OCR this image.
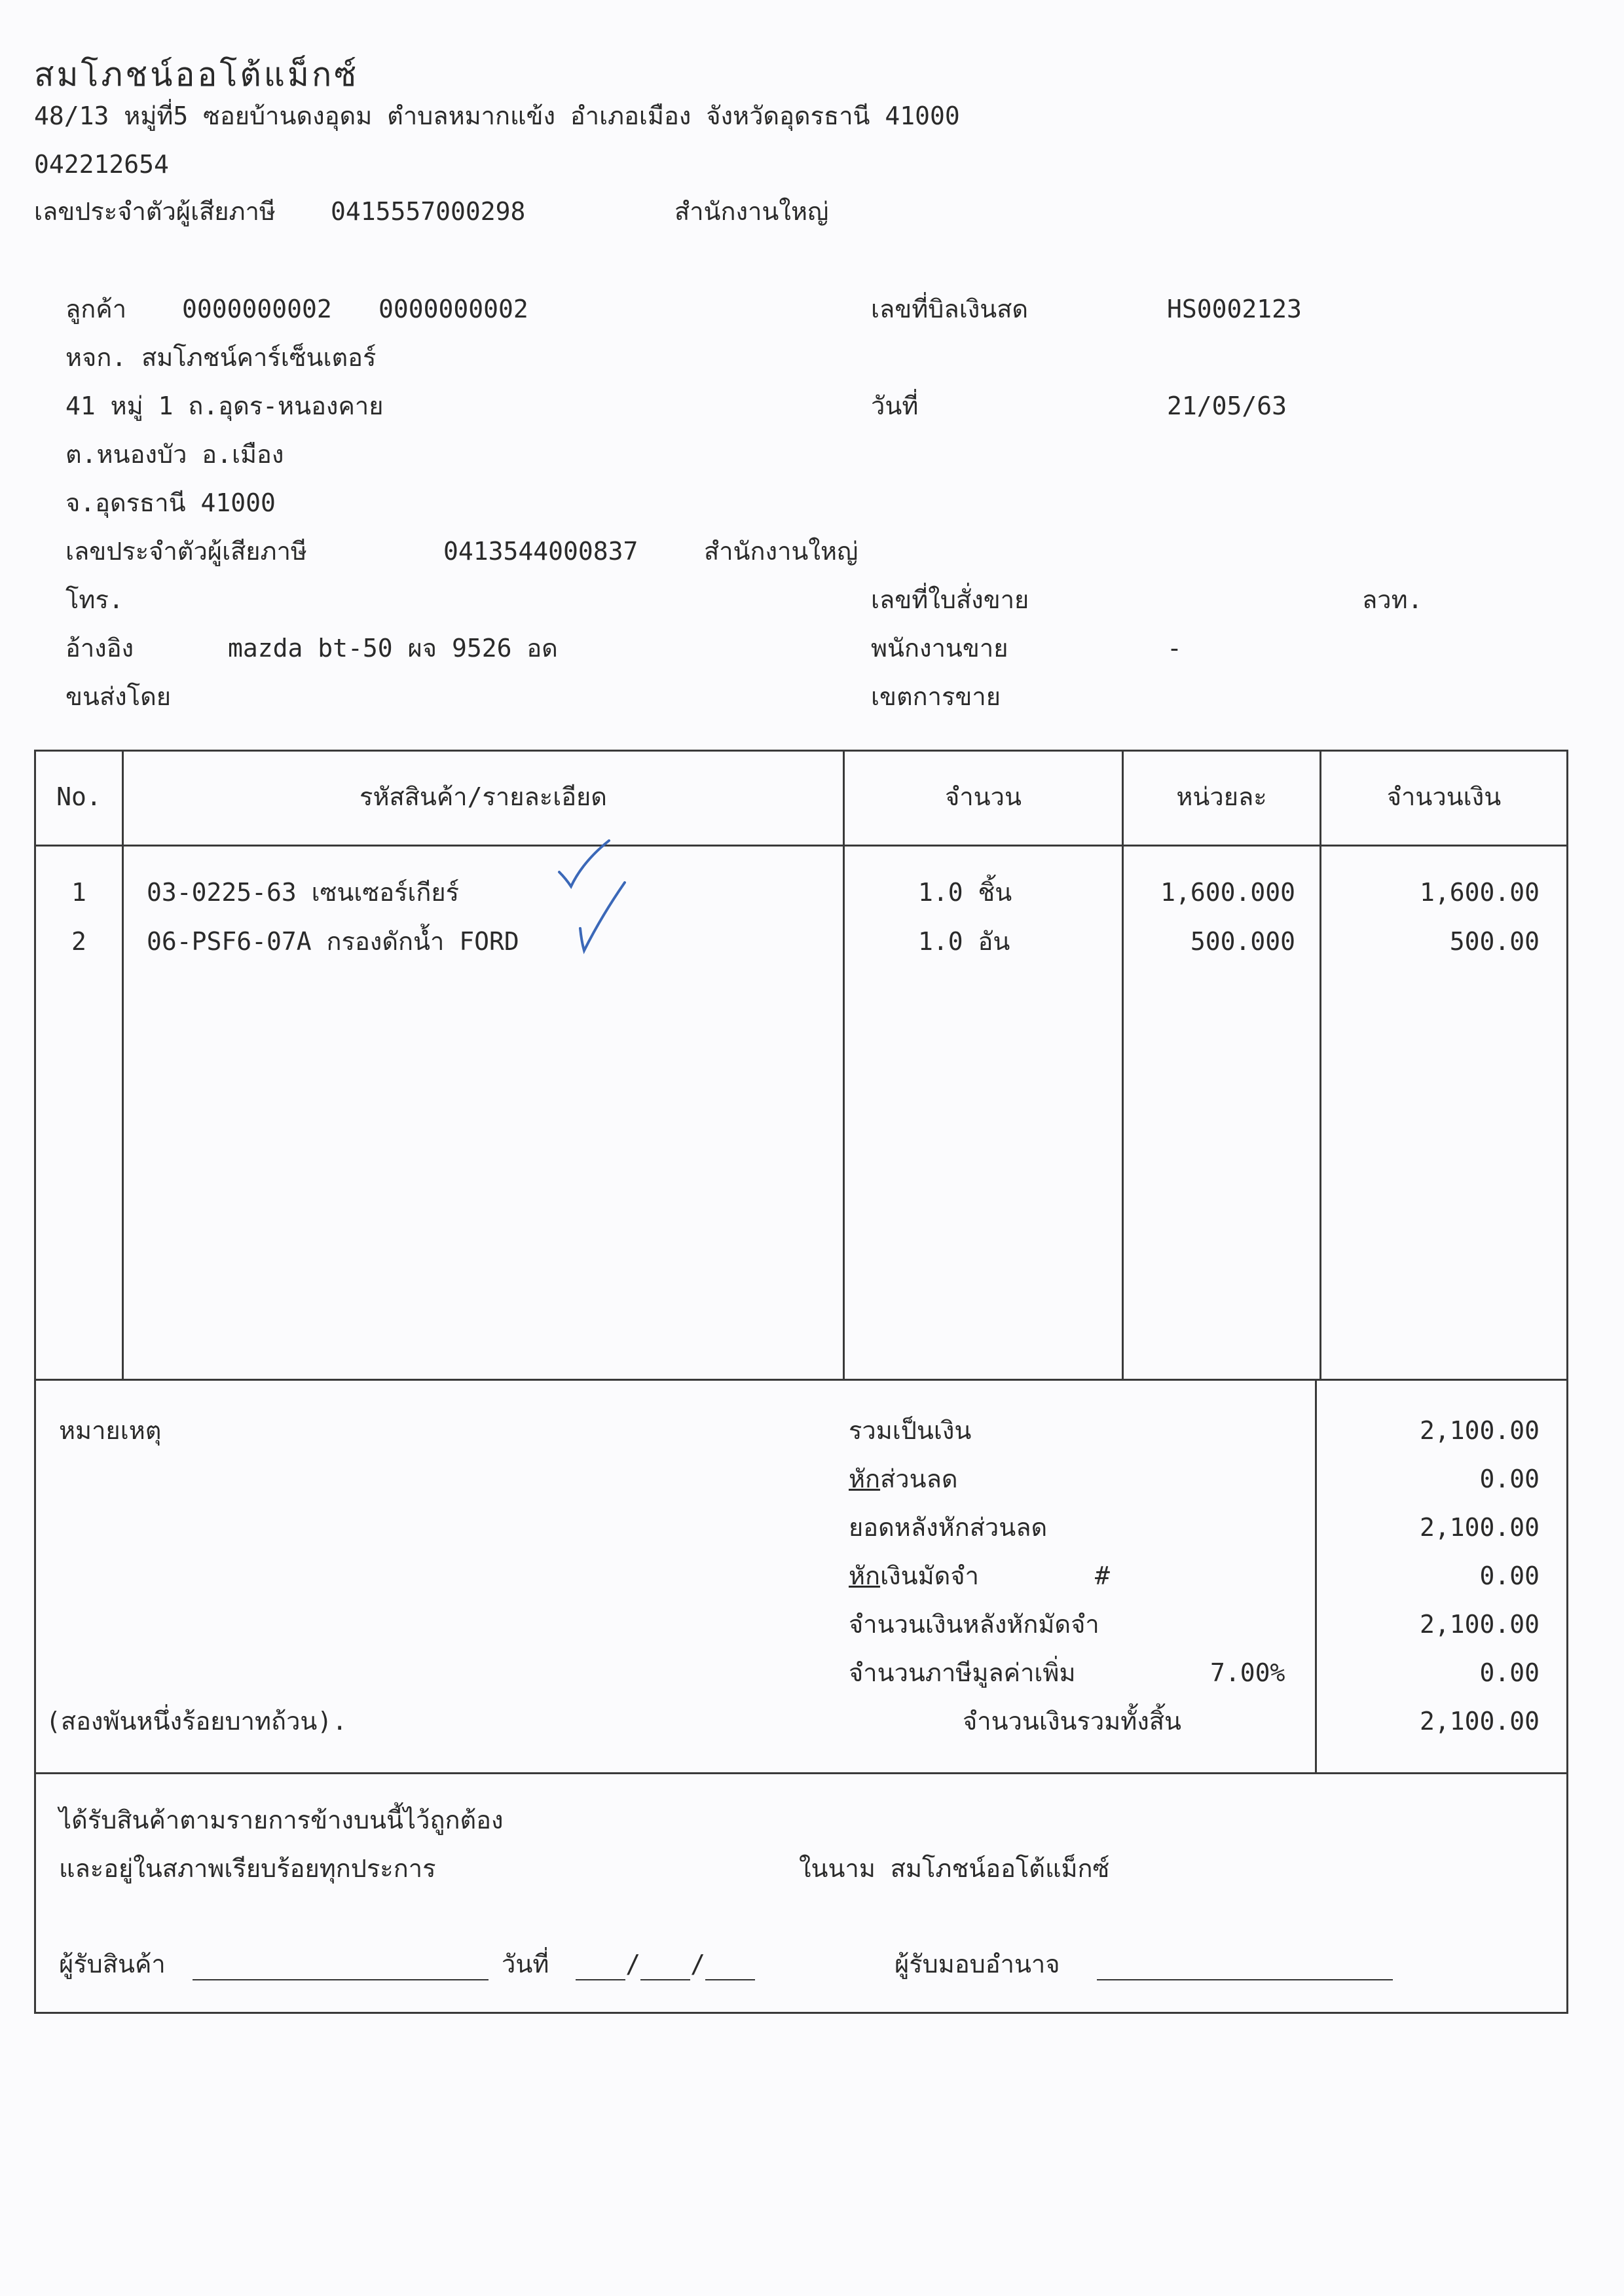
สมโภชน์ออโต้แม็กซ์
48/13 หมู่ที่5 ซอยบ้านดงอุดม ตำบลหมากแข้ง อำเภอเมือง จังหวัดอุดรธานี 41000
042212654
เลขประจำตัวผู้เสียภาษี 0415557000298	สำนักงานใหญ่
ลูกค้า 0000000002 0000000002
หจก. สมโภชน์คาร์เซ็นเตอร์
41 หมู่ 1 ถ.อุดร-หนองคาย
ต.หนองบัว อ.เมือง
จ.อุดรธานี 41000
เลขประจำตัวผู้เสียภาษี	0413544000837	สำนักงานใหญ่
โทร.
อ้างอิง	mazda bt-50 ผจ 9526 อด
ขนส่งโดย
เลขที่บิลเงินสด	HS0002123
วันที่	21/05/63
เลขที่ใบสั่งขาย	ลวท.
พนักงานขาย	-
เขตการขาย
No.	รหัสสินค้า/รายละเอียด	จำนวน	หน่วยละ	จำนวนเงิน
1	03-0225-63 เซนเซอร์เกียร์	1.0 ชิ้น	1,600.000	1,600.00
2	06-PSF6-07A กรองดักน้ำ FORD	1.0 อัน	500.000	500.00
หมายเหตุ
(สองพันหนึ่งร้อยบาทถ้วน).
รวมเป็นเงิน	2,100.00
หักส่วนลด	0.00
ยอดหลังหักส่วนลด	2,100.00
หักเงินมัดจำ	#	0.00
จำนวนเงินหลังหักมัดจำ	2,100.00
จำนวนภาษีมูลค่าเพิ่ม	7.00%	0.00
จำนวนเงินรวมทั้งสิ้น	2,100.00
ได้รับสินค้าตามรายการข้างบนนี้ไว้ถูกต้อง
และอยู่ในสภาพเรียบร้อยทุกประการ	ในนาม สมโภชน์ออโต้แม็กซ์
ผู้รับสินค้า	วันที่	/ /	ผู้รับมอบอำนาจ
